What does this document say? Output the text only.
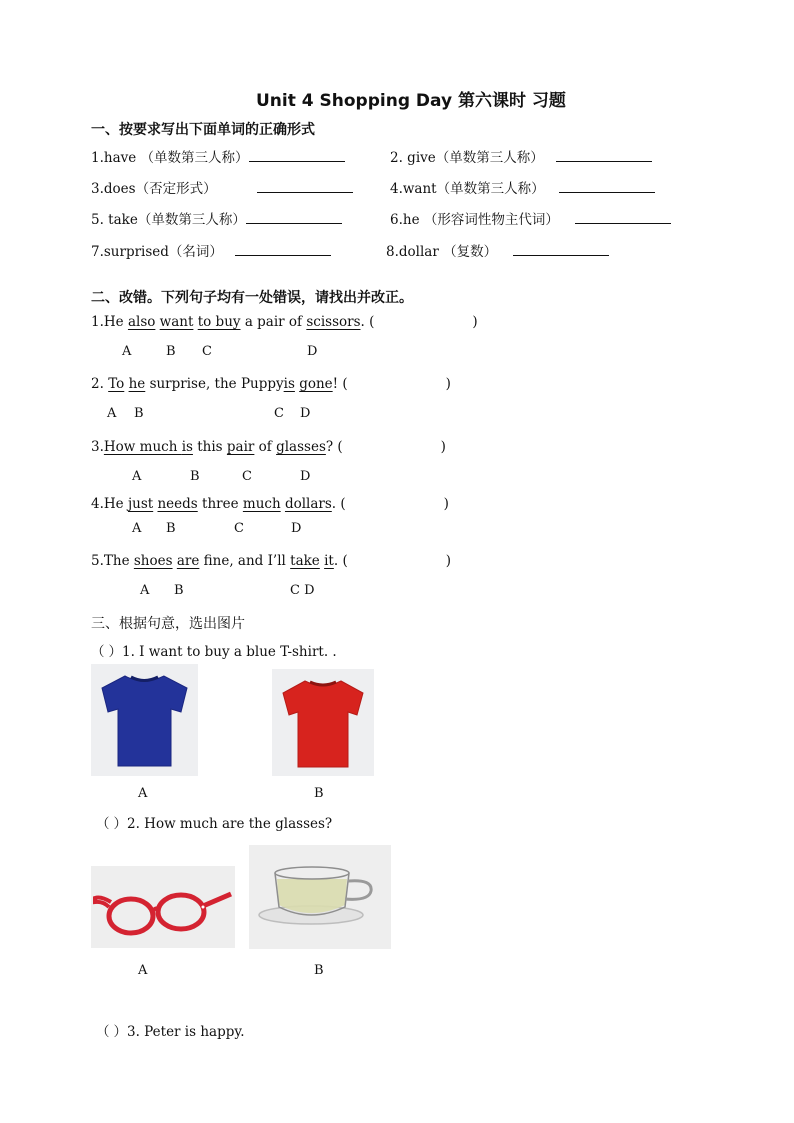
Unit 4 Shopping Day 第六课时 习题
一、按要求写出下面单词的正确形式
1.have （单数第三人称）	2. give（单数第三人称）
3.does（否定形式）	4.want（单数第三人称）
5. take（单数第三人称）	6.he （形容词性物主代词）
7.surprised（名词）	8.dollar （复数）
二、改错。下列句子均有一处错误，请找出并改正。
1.He also want to buy a pair of scissors. (	)
A	B C	D
2. To he surprise, the Puppyis gone! (	)
A B	C D
3.How much is this pair of glasses? (	)
A	B	C	D
4.He just needs three much dollars. (	)
A B	C	D
5.The shoes are fine, and I’ll take it. (	)
A B	C D
三、根据句意，选出图片
（ ）1. I want to buy a blue T-shirt. .
A	B
（ ）2. How much are the glasses?
A	B
（ ）3. Peter is happy.
